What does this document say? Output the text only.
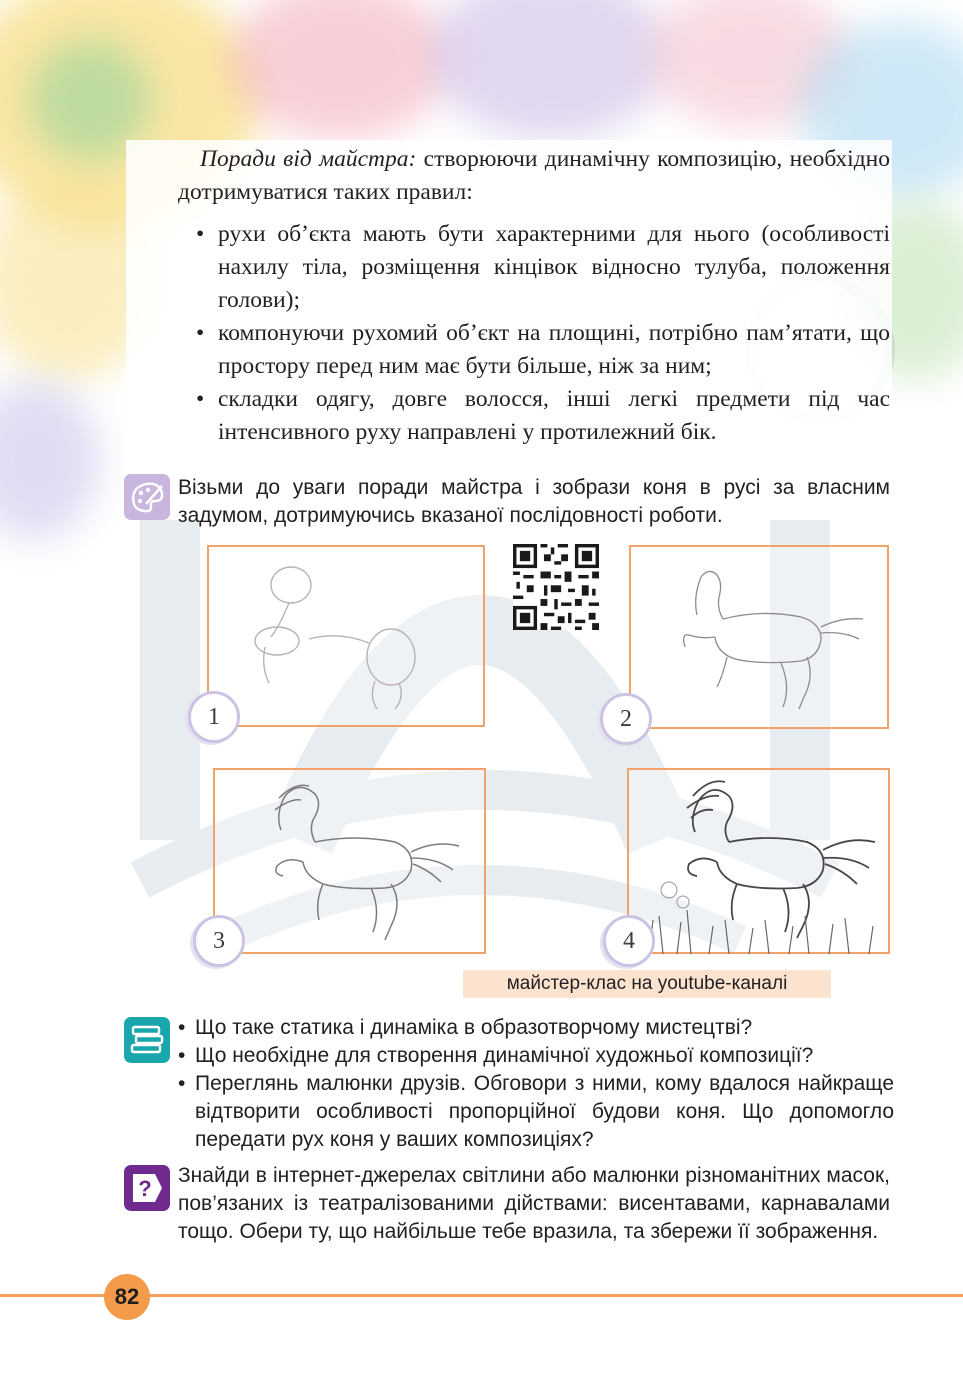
Поради від майстра: створюючи динамічну композицію, необхідно дотримуватися таких правил:
• рухи об’єкта мають бути характерними для нього (особливості нахилу тіла, розміщення кінцівок відносно тулуба, положення голови);
• компонуючи рухомий об’єкт на площині, потрібно пам’ятати, що простору перед ним має бути більше, ніж за ним;
• складки одягу, довге волосся, інші легкі предмети під час інтенсивного руху направлені у протилежний бік.
Візьми до уваги поради майстра і зобрази коня в русі за власним задумом, дотримуючись вказаної послідовності роботи.
1	2
3	4
майстер-клас на youtube-каналі
• Що таке статика і динаміка в образотворчому мистецтві?
• Що необхідне для створення динамічної художньої композиції?
• Переглянь малюнки друзів. Обговори з ними, кому вдалося найкраще відтворити особливості пропорційної будови коня. Що допомогло передати рух коня у ваших композиціях?
?
Знайди в інтернет-джерелах світлини або малюнки різноманітних масок, пов’язаних із театралізованими дійствами: висентавами, карнавалами тощо. Обери ту, що найбільше тебе вразила, та збережи її зображення.
82
